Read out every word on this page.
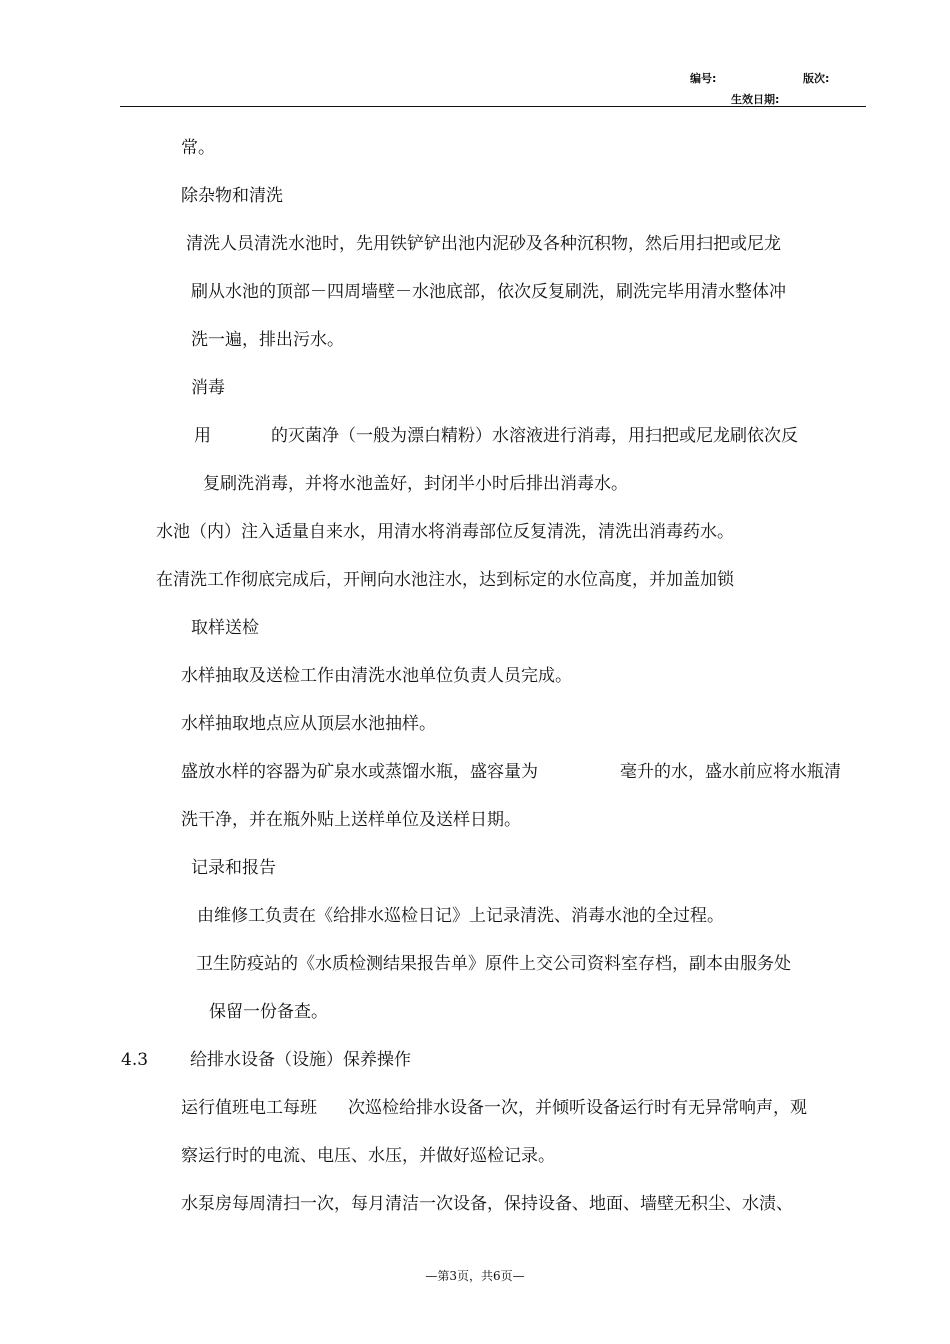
编号:	版次:
生效日期:
常。
除杂物和清洗
清洗人员清洗水池时，先用铁铲铲出池内泥砂及各种沉积物，然后用扫把或尼龙
刷从水池的顶部－四周墙壁－水池底部，依次反复刷洗，刷洗完毕用清水整体冲
洗一遍，排出污水。
消毒
用	的灭菌净（一般为漂白精粉）水溶液进行消毒，用扫把或尼龙刷依次反
复刷洗消毒，并将水池盖好，封闭半小时后排出消毒水。
水池（内）注入适量自来水，用清水将消毒部位反复清洗，清洗出消毒药水。
在清洗工作彻底完成后，开闸向水池注水，达到标定的水位高度，并加盖加锁
取样送检
水样抽取及送检工作由清洗水池单位负责人员完成。
水样抽取地点应从顶层水池抽样。
盛放水样的容器为矿泉水或蒸馏水瓶，盛容量为	毫升的水，盛水前应将水瓶清
洗干净，并在瓶外贴上送样单位及送样日期。
记录和报告
由维修工负责在《给排水巡检日记》上记录清洗、消毒水池的全过程。
卫生防疫站的《水质检测结果报告单》原件上交公司资料室存档，副本由服务处
保留一份备查。
4.3 给排水设备（设施）保养操作
运行值班电工每班 次巡检给排水设备一次，并倾听设备运行时有无异常响声，观
察运行时的电流、电压、水压，并做好巡检记录。
水泵房每周清扫一次，每月清洁一次设备，保持设备、地面、墙壁无积尘、水渍、
—第3页，共6页—
